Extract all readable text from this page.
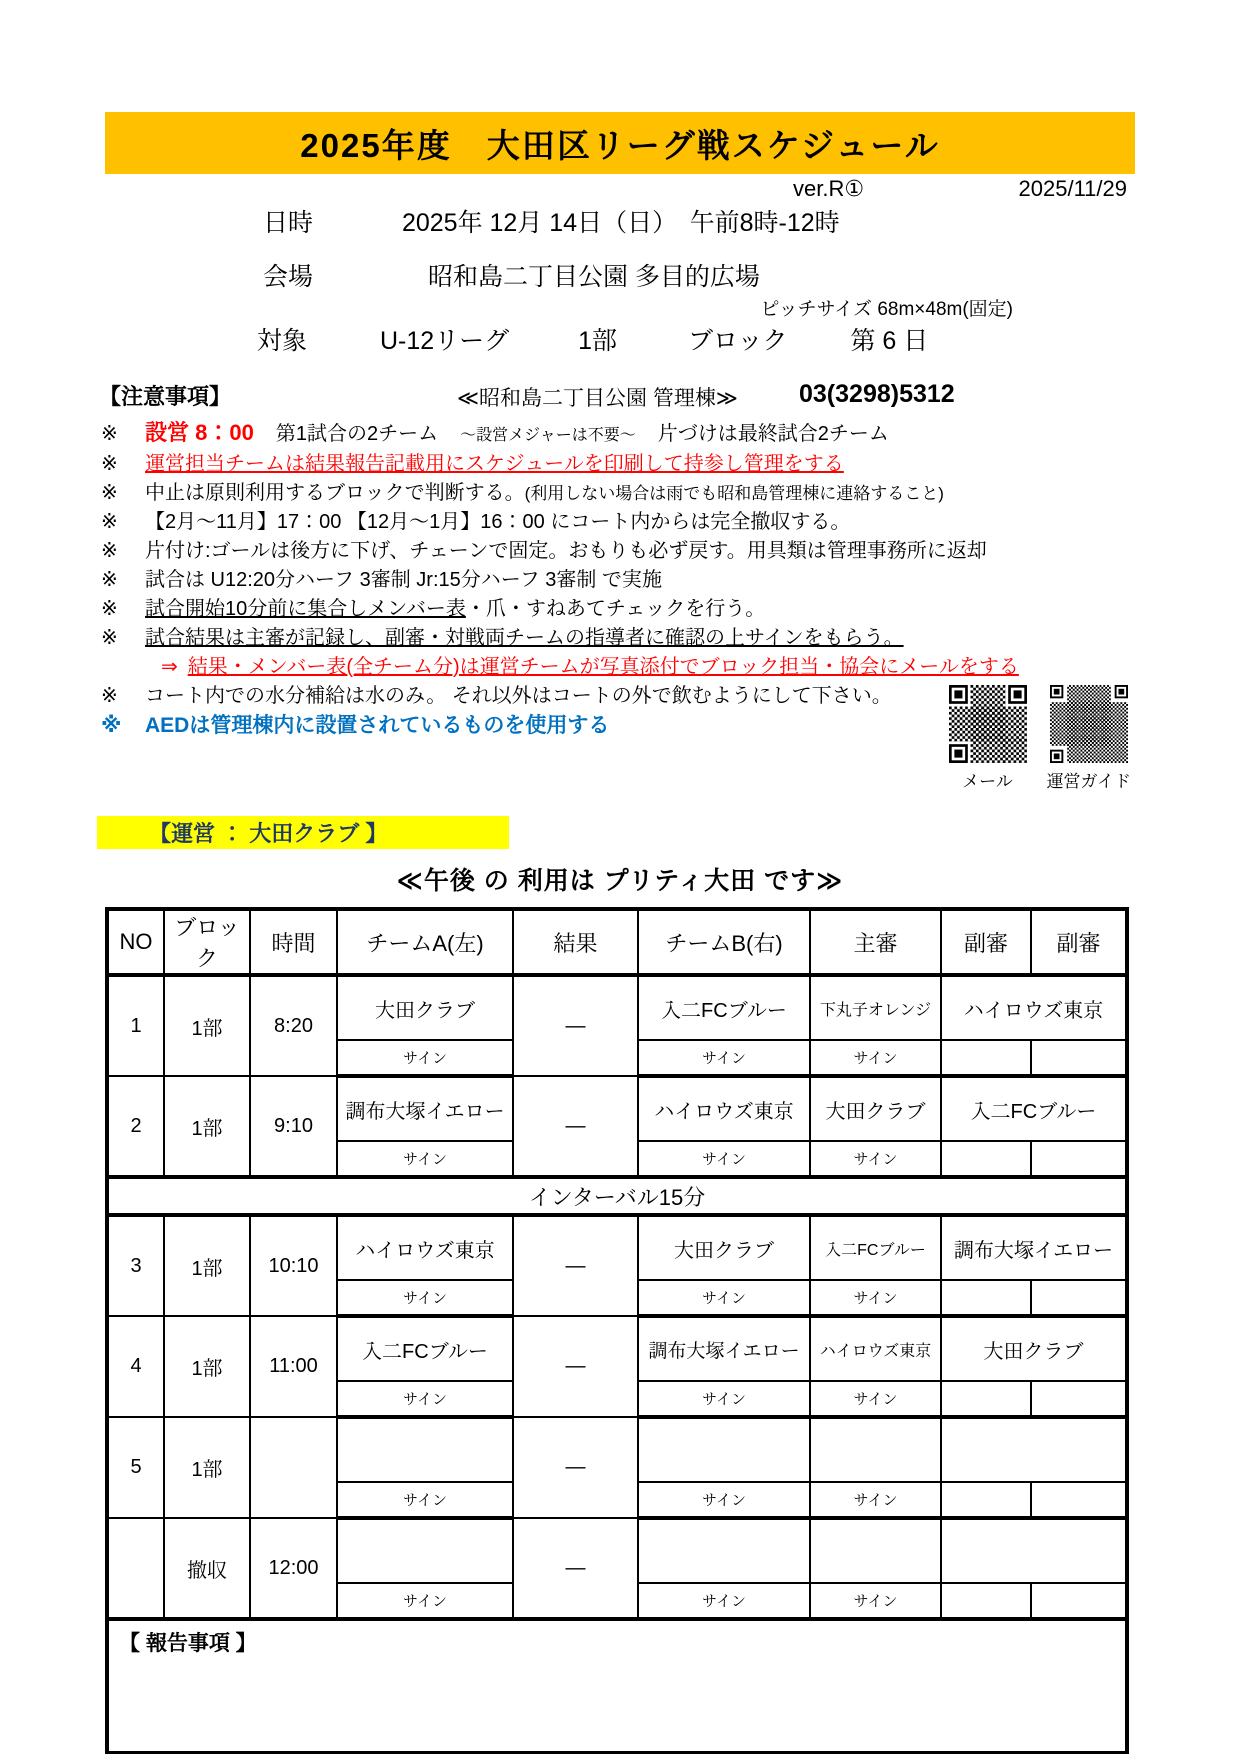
2025年度　大田区リーグ戦スケジュール
ver.R①	2025/11/29
日時	2025年 12月 14日（日）　午前8時-12時
会場	昭和島二丁目公園 多目的広場
ピッチサイズ 68m×48m(固定)
対象	U-12リーグ	1部	ブロック	第 6 日
【注意事項】	≪昭和島二丁目公園 管理棟≫ 03(3298)5312
※	設営 8：00 第1試合の2チーム ～設営メジャーは不要～ 片づけは最終試合2チーム
※	運営担当チームは結果報告記載用にスケジュールを印刷して持参し管理をする
※	中止は原則利用するブロックで判断する。 (利用しない場合は雨でも昭和島管理棟に連絡すること)
※	【2月～11月】17：00 【12月～1月】16：00 にコート内からは完全撤収する。
※	片付け:ゴールは後方に下げ、チェーンで固定。おもりも必ず戻す。用具類は管理事務所に返却
※	試合は U12:20分ハーフ 3審制 Jr:15分ハーフ 3審制 で実施
※	試合開始10分前に集合しメンバー表・爪・すねあてチェックを行う。
※	試合結果は主審が記録し、副審・対戦両チームの指導者に確認の上サインをもらう。
⇒ 結果・メンバー表(全チーム分)は運営チームが写真添付でブロック担当・協会にメールをする
※	コート内での水分補給は水のみ。 それ以外はコートの外で飲むようにして下さい。
※	AEDは管理棟内に設置されているものを使用する
メール 運営ガイド
【運営 ： 大田クラブ 】
≪午後 の 利用は プリティ大田 です≫
NO	ブロック	時間	チームA(左)	結果	チームB(右)	主審	副審	副審
1	1部	8:20	大田クラブ	―	入二FCブルー	下丸子オレンジ	ハイロウズ東京	
			サイン		サイン	サイン		
2	1部	9:10	調布大塚イエロー	―	ハイロウズ東京	大田クラブ	入二FCブルー	
			サイン		サイン	サイン		
インターバル15分								
3	1部	10:10	ハイロウズ東京	―	大田クラブ	入二FCブルー	調布大塚イエロー	
			サイン		サイン	サイン		
4	1部	11:00	入二FCブルー	―	調布大塚イエロー	ハイロウズ東京	大田クラブ	
			サイン		サイン	サイン		
5	1部			―				
			サイン		サイン	サイン		
	撤収	12:00		―				
			サイン		サイン	サイン		
【 報告事項 】								
